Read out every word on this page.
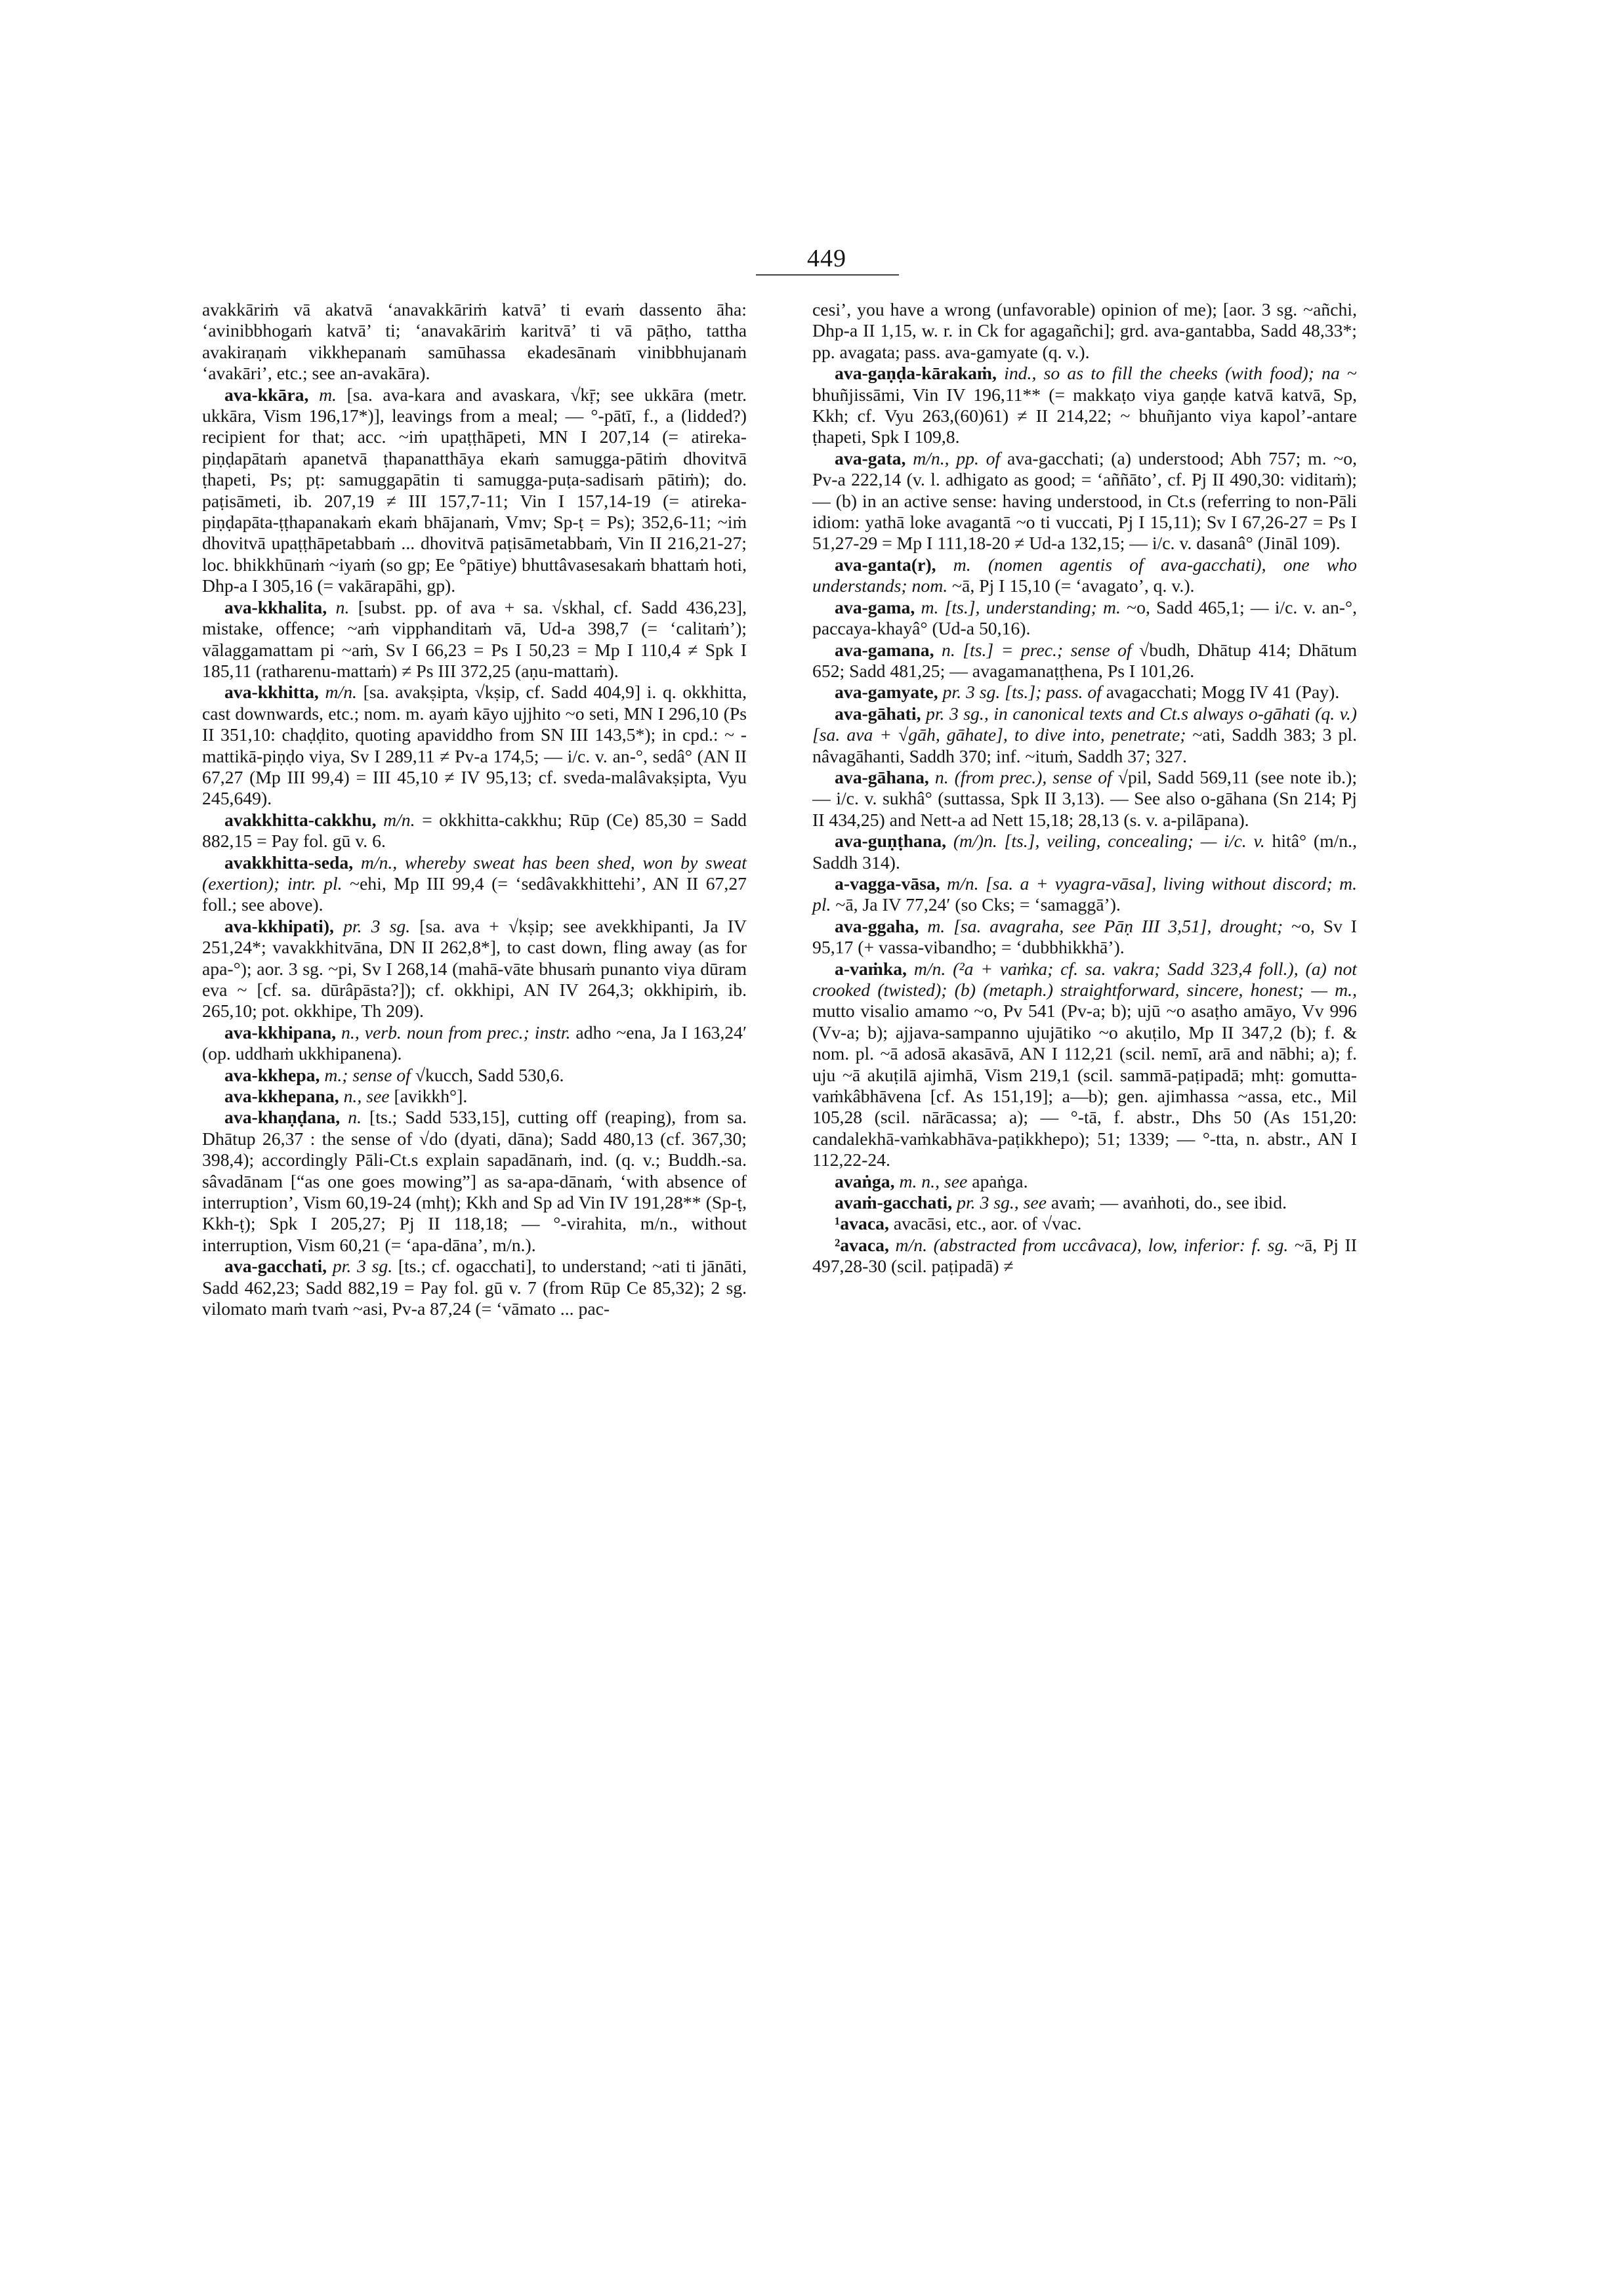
449

avakkāriṁ vā akatvā ‘anavakkāriṁ katvā’ ti evaṁ dassento āha: ‘avinibbhogaṁ katvā’ ti; ‘anavakāriṁ karitvā’ ti vā pāṭho, tattha avakiraṇaṁ vikkhepanaṁ samūhassa ekadesānaṁ vinibbhujanaṁ ‘avakāri’, etc.; see an-avakāra).

ava-kkāra, m. [sa. ava-kara and avaskara, √kṝ; see ukkāra (metr. ukkāra, Vism 196,17*)], leavings from a meal; — °-pātī, f., a (lidded?) recipient for that; acc. ~iṁ upaṭṭhāpeti, MN I 207,14 (= atireka-piṇḍapātaṁ apanetvā ṭhapanatthāya ekaṁ samugga-pātiṁ dhovitvā ṭhapeti, Ps; pṭ: samuggapātin ti samugga-puṭa-sadisaṁ pātiṁ); do. paṭisāmeti, ib. 207,19 ≠ III 157,7-11; Vin I 157,14-19 (= atireka-piṇḍapāta-ṭṭhapanakaṁ ekaṁ bhājanaṁ, Vmv; Sp-ṭ = Ps); 352,6-11; ~iṁ dhovitvā upaṭṭhāpetabbaṁ ... dhovitvā paṭisāmetabbaṁ, Vin II 216,21-27; loc. bhikkhūnaṁ ~iyaṁ (so gp; Ee °pātiye) bhuttâvasesakaṁ bhattaṁ hoti, Dhp-a I 305,16 (= vakārapāhi, gp).

ava-kkhalita, n. [subst. pp. of ava + sa. √skhal, cf. Sadd 436,23], mistake, offence; ~aṁ vipphanditaṁ vā, Ud-a 398,7 (= ‘calitaṁ’); vālaggamattam pi ~aṁ, Sv I 66,23 = Ps I 50,23 = Mp I 110,4 ≠ Spk I 185,11 (ratharenu-mattaṁ) ≠ Ps III 372,25 (aṇu-mattaṁ).

ava-kkhitta, m/n. [sa. avakṣipta, √kṣip, cf. Sadd 404,9] i. q. okkhitta, cast downwards, etc.; nom. m. ayaṁ kāyo ujjhito ~o seti, MN I 296,10 (Ps II 351,10: chaḍḍito, quoting apaviddho from SN III 143,5*); in cpd.: ~ -mattikā-piṇḍo viya, Sv I 289,11 ≠ Pv-a 174,5; — i/c. v. an-°, sedâ° (AN II 67,27 (Mp III 99,4) = III 45,10 ≠ IV 95,13; cf. sveda-malâvakṣipta, Vyu 245,649).

avakkhitta-cakkhu, m/n. = okkhitta-cakkhu; Rūp (Ce) 85,30 = Sadd 882,15 = Pay fol. gū v. 6.

avakkhitta-seda, m/n., whereby sweat has been shed, won by sweat (exertion); intr. pl. ~ehi, Mp III 99,4 (= ‘sedâvakkhittehi’, AN II 67,27 foll.; see above).

ava-kkhipati), pr. 3 sg. [sa. ava + √kṣip; see avekkhipanti, Ja IV 251,24*; vavakkhitvāna, DN II 262,8*], to cast down, fling away (as for apa-°); aor. 3 sg. ~pi, Sv I 268,14 (mahā-vāte bhusaṁ punanto viya dūram eva ~ [cf. sa. dūrâpāsta?]); cf. okkhipi, AN IV 264,3; okkhipiṁ, ib. 265,10; pot. okkhipe, Th 209).

ava-kkhipana, n., verb. noun from prec.; instr. adho ~ena, Ja I 163,24′ (op. uddhaṁ ukkhipanena).

ava-kkhepa, m.; sense of √kucch, Sadd 530,6.

ava-kkhepana, n., see [avikkh°].

ava-khaṇḍana, n. [ts.; Sadd 533,15], cutting off (reaping), from sa. Dhātup 26,37 : the sense of √do (dyati, dāna); Sadd 480,13 (cf. 367,30; 398,4); accordingly Pāli-Ct.s explain sapadānaṁ, ind. (q. v.; Buddh.-sa. sâvadānam [“as one goes mowing”] as sa-apa-dānaṁ, ‘with absence of interruption’, Vism 60,19-24 (mhṭ); Kkh and Sp ad Vin IV 191,28** (Sp-ṭ, Kkh-ṭ); Spk I 205,27; Pj II 118,18; — °-virahita, m/n., without interruption, Vism 60,21 (= ‘apa-dāna’, m/n.).

ava-gacchati, pr. 3 sg. [ts.; cf. ogacchati], to understand; ~ati ti jānāti, Sadd 462,23; Sadd 882,19 = Pay fol. gū v. 7 (from Rūp Ce 85,32); 2 sg. vilomato maṁ tvaṁ ~asi, Pv-a 87,24 (= ‘vāmato ... pac-

cesi’, you have a wrong (unfavorable) opinion of me); [aor. 3 sg. ~añchi, Dhp-a II 1,15, w. r. in Ck for agagañchi]; grd. ava-gantabba, Sadd 48,33*; pp. avagata; pass. ava-gamyate (q. v.).

ava-gaṇḍa-kārakaṁ, ind., so as to fill the cheeks (with food); na ~ bhuñjissāmi, Vin IV 196,11** (= makkaṭo viya gaṇḍe katvā katvā, Sp, Kkh; cf. Vyu 263,(60)61) ≠ II 214,22; ~ bhuñjanto viya kapol’-antare ṭhapeti, Spk I 109,8.

ava-gata, m/n., pp. of ava-gacchati; (a) understood; Abh 757; m. ~o, Pv-a 222,14 (v. l. adhigato as good; = ‘aññāto’, cf. Pj II 490,30: viditaṁ); — (b) in an active sense: having understood, in Ct.s (referring to non-Pāli idiom: yathā loke avagantā ~o ti vuccati, Pj I 15,11); Sv I 67,26-27 = Ps I 51,27-29 = Mp I 111,18-20 ≠ Ud-a 132,15; — i/c. v. dasanâ° (Jināl 109).

ava-ganta(r), m. (nomen agentis of ava-gacchati), one who understands; nom. ~ā, Pj I 15,10 (= ‘avagato’, q. v.).

ava-gama, m. [ts.], understanding; m. ~o, Sadd 465,1; — i/c. v. an-°, paccaya-khayâ° (Ud-a 50,16).

ava-gamana, n. [ts.] = prec.; sense of √budh, Dhātup 414; Dhātum 652; Sadd 481,25; — avagamanaṭṭhena, Ps I 101,26.

ava-gamyate, pr. 3 sg. [ts.]; pass. of avagacchati; Mogg IV 41 (Pay).

ava-gāhati, pr. 3 sg., in canonical texts and Ct.s always o-gāhati (q. v.) [sa. ava + √gāh, gāhate], to dive into, penetrate; ~ati, Saddh 383; 3 pl. nâvagāhanti, Saddh 370; inf. ~ituṁ, Saddh 37; 327.

ava-gāhana, n. (from prec.), sense of √pil, Sadd 569,11 (see note ib.); — i/c. v. sukhâ° (suttassa, Spk II 3,13). — See also o-gāhana (Sn 214; Pj II 434,25) and Nett-a ad Nett 15,18; 28,13 (s. v. a-pilāpana).

ava-guṇṭhana, (m/)n. [ts.], veiling, concealing; — i/c. v. hitâ° (m/n., Saddh 314).

a-vagga-vāsa, m/n. [sa. a + vyagra-vāsa], living without discord; m. pl. ~ā, Ja IV 77,24′ (so Cks; = ‘samaggā’).

ava-ggaha, m. [sa. avagraha, see Pāṇ III 3,51], drought; ~o, Sv I 95,17 (+ vassa-vibandho; = ‘dubbhikkhā’).

a-vaṁka, m/n. (²a + vaṁka; cf. sa. vakra; Sadd 323,4 foll.), (a) not crooked (twisted); (b) (metaph.) straightforward, sincere, honest; — m., mutto visalio amamo ~o, Pv 541 (Pv-a; b); ujū ~o asaṭho amāyo, Vv 996 (Vv-a; b); ajjava-sampanno ujujātiko ~o akuṭilo, Mp II 347,2 (b); f. & nom. pl. ~ā adosā akasāvā, AN I 112,21 (scil. nemī, arā and nābhi; a); f. uju ~ā akuṭilā ajimhā, Vism 219,1 (scil. sammā-paṭipadā; mhṭ: gomutta-vaṁkâbhāvena [cf. As 151,19]; a—b); gen. ajimhassa ~assa, etc., Mil 105,28 (scil. nārācassa; a); — °-tā, f. abstr., Dhs 50 (As 151,20: candalekhā-vaṁkabhāva-paṭikkhepo); 51; 1339; — °-tta, n. abstr., AN I 112,22-24.

avaṅga, m. n., see apaṅga.

avaṁ-gacchati, pr. 3 sg., see avaṁ; — avaṅhoti, do., see ibid.

¹avaca, avacāsi, etc., aor. of √vac.

²avaca, m/n. (abstracted from uccâvaca), low, inferior: f. sg. ~ā, Pj II 497,28-30 (scil. paṭipadā) ≠
